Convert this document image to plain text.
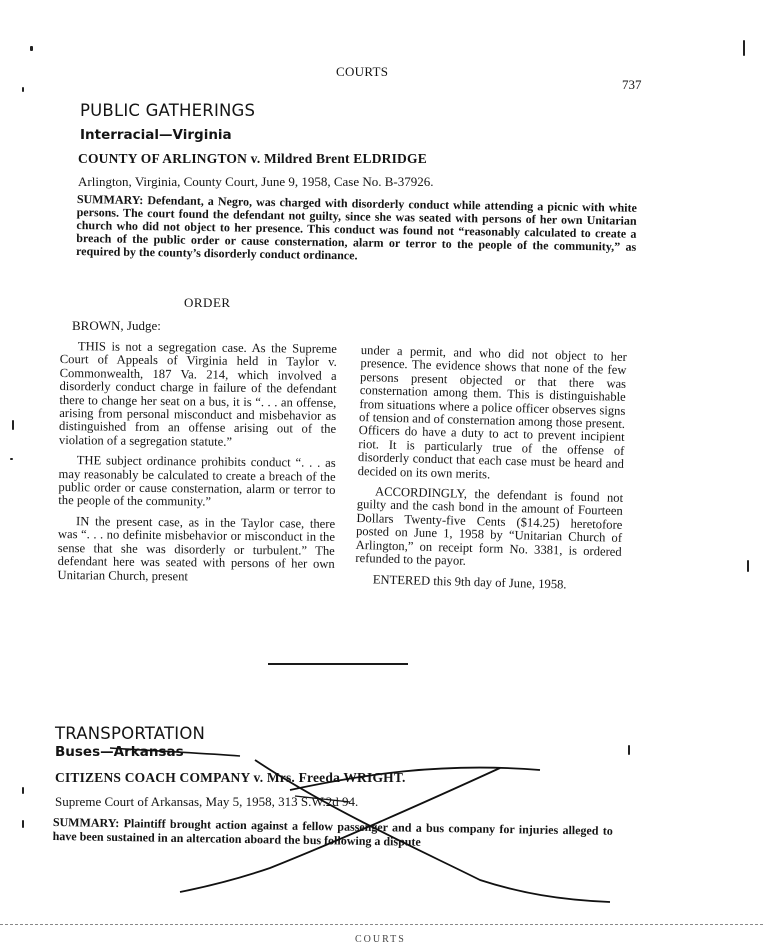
COURTS
737
PUBLIC GATHERINGS
Interracial—Virginia
COUNTY OF ARLINGTON v. Mildred Brent ELDRIDGE
Arlington, Virginia, County Court, June 9, 1958, Case No. B-37926.
SUMMARY: Defendant, a Negro, was charged with disorderly conduct while attending a picnic with white persons. The court found the defendant not guilty, since she was seated with persons of her own Unitarian church who did not object to her presence. This conduct was found not “reasonably calculated to create a breach of the public order or cause consternation, alarm or terror to the people of the community,” as required by the county’s disorderly conduct ordinance.
ORDER
BROWN, Judge:

THIS is not a segregation case. As the Supreme Court of Appeals of Virginia held in Taylor v. Commonwealth, 187 Va. 214, which involved a disorderly conduct charge in failure of the defendant there to change her seat on a bus, it is “. . . an offense, arising from personal misconduct and misbehavior as distinguished from an offense arising out of the violation of a segregation statute.”

THE subject ordinance prohibits conduct “. . . as may reasonably be calculated to create a breach of the public order or cause consternation, alarm or terror to the people of the community.”

IN the present case, as in the Taylor case, there was “. . . no definite misbehavior or misconduct in the sense that she was disorderly or turbulent.” The defendant here was seated with persons of her own Unitarian Church, present

under a permit, and who did not object to her presence. The evidence shows that none of the few persons present objected or that there was consternation among them. This is distinguishable from situations where a police officer observes signs of tension and of consternation among those present. Officers do have a duty to act to prevent incipient riot. It is particularly true of the offense of disorderly conduct that each case must be heard and decided on its own merits.

ACCORDINGLY, the defendant is found not guilty and the cash bond in the amount of Fourteen Dollars Twenty-five Cents ($14.25) heretofore posted on June 1, 1958 by “Unitarian Church of Arlington,” on receipt form No. 3381, is ordered refunded to the payor.

ENTERED this 9th day of June, 1958.

TRANSPORTATION
Buses—Arkansas
CITIZENS COACH COMPANY v. Mrs. Freeda WRIGHT.
Supreme Court of Arkansas, May 5, 1958, 313 S.W.2d 94.
SUMMARY: Plaintiff brought action against a fellow passenger and a bus company for injuries alleged to have been sustained in an altercation aboard the bus following a dispute
COURTS
